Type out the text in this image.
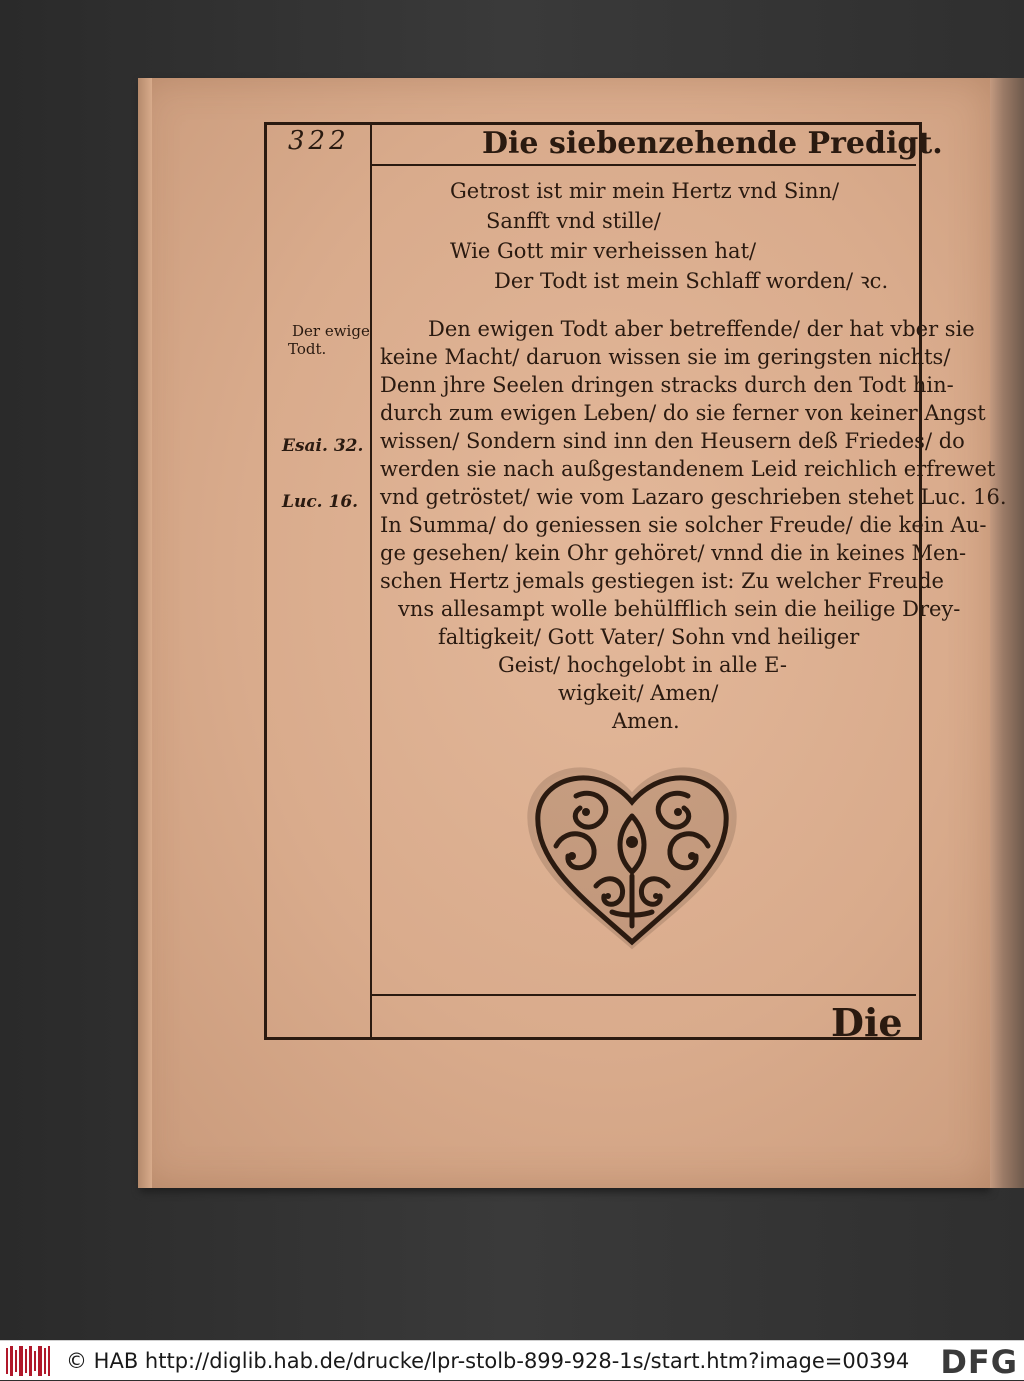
322	Die siebenzehende Predigt.
Getrost ist mir mein Hertz vnd Sinn/
Sanfft vnd stille/
Wie Gott mir verheissen hat/
Der Todt ist mein Schlaff worden/ ꝛc.
Der ewige
Todt.
Esai. 32.
Luc. 16.
Den ewigen Todt aber betreffende/ der hat vber sie
keine Macht/ daruon wissen sie im geringsten nichts/
Denn jhre Seelen dringen stracks durch den Todt hin-
durch zum ewigen Leben/ do sie ferner von keiner Angst
wissen/ Sondern sind inn den Heusern deß Friedes/ do
werden sie nach außgestandenem Leid reichlich erfrewet
vnd getröstet/ wie vom Lazaro geschrieben stehet Luc. 16.
In Summa/ do geniessen sie solcher Freude/ die kein Au-
ge gesehen/ kein Ohr gehöret/ vnnd die in keines Men-
schen Hertz jemals gestiegen ist: Zu welcher Freude
vns allesampt wolle behülfflich sein die heilige Drey-
faltigkeit/ Gott Vater/ Sohn vnd heiliger
Geist/ hochgelobt in alle E-
wigkeit/ Amen/
Amen.
Die
© HAB http://diglib.hab.de/drucke/lpr-stolb-899-928-1s/start.htm?image=00394 DFG
